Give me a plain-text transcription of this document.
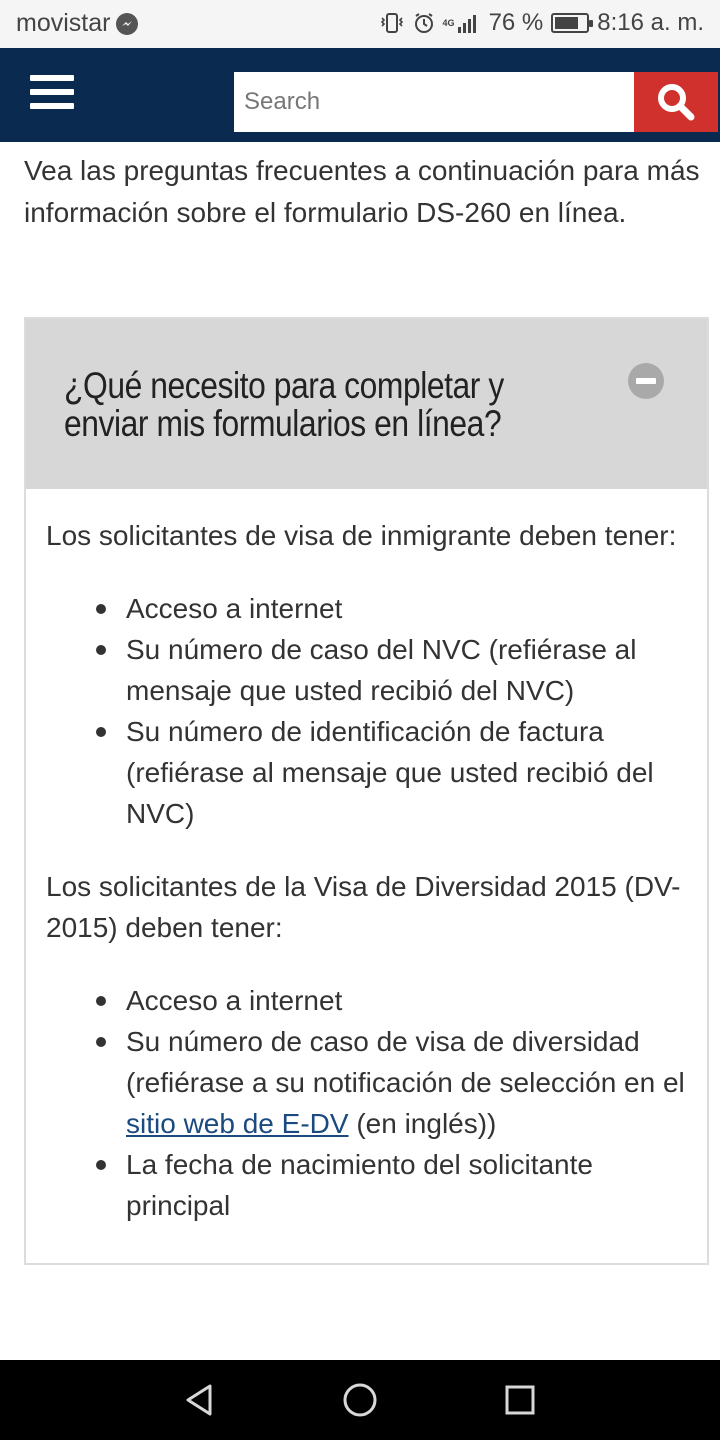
movistar	4G 76 % 8:16 a. m.
Search

Vea las preguntas frecuentes a continuación para más información sobre el formulario DS-260 en línea.

¿Qué necesito para completar y enviar mis formularios en línea?

Los solicitantes de visa de inmigrante deben tener:

Acceso a internet
Su número de caso del NVC (refiérase al mensaje que usted recibió del NVC)
Su número de identificación de factura (refiérase al mensaje que usted recibió del NVC)

Los solicitantes de la Visa de Diversidad 2015 (DV-2015) deben tener:

Acceso a internet
Su número de caso de visa de diversidad (refiérase a su notificación de selección en el sitio web de E-DV (en inglés))
La fecha de nacimiento del solicitante principal
